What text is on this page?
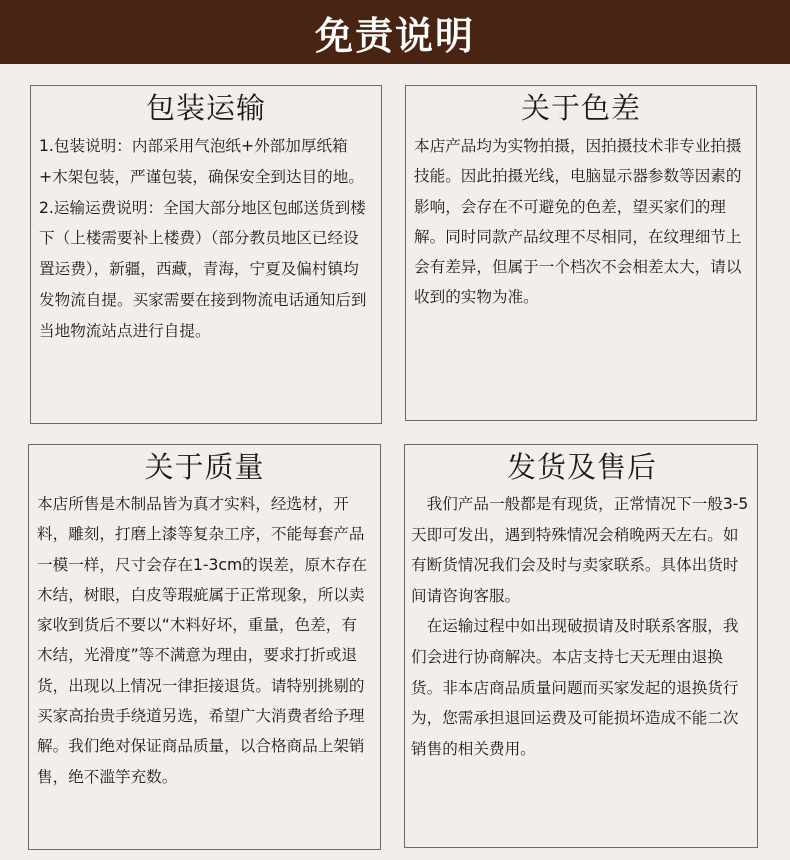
免责说明
包装运输

1.包装说明：内部采用气泡纸+外部加厚纸箱+木架包装，严谨包装，确保安全到达目的地。

2.运输运费说明：全国大部分地区包邮送货到楼下（上楼需要补上楼费）（部分教员地区已经设置运费），新疆，西藏，青海，宁夏及偏村镇均发物流自提。买家需要在接到物流电话通知后到当地物流站点进行自提。

关于色差

本店产品均为实物拍摄，因拍摄技术非专业拍摄技能。因此拍摄光线，电脑显示器参数等因素的影响，会存在不可避免的色差，望买家们的理解。同时同款产品纹理不尽相同，在纹理细节上会有差异，但属于一个档次不会相差太大，请以收到的实物为准。

关于质量

本店所售是木制品皆为真才实料，经选材，开料，雕刻，打磨上漆等复杂工序，不能每套产品一模一样，尺寸会存在1-3cm的误差，原木存在木结，树眼，白皮等瑕疵属于正常现象，所以卖家收到货后不要以“木料好坏，重量，色差，有木结，光滑度”等不满意为理由，要求打折或退货，出现以上情况一律拒接退货。请特别挑剔的买家高抬贵手绕道另选，希望广大消费者给予理解。我们绝对保证商品质量，以合格商品上架销售，绝不滥竽充数。

发货及售后

我们产品一般都是有现货，正常情况下一般3-5天即可发出，遇到特殊情况会稍晚两天左右。如有断货情况我们会及时与卖家联系。具体出货时间请咨询客服。

在运输过程中如出现破损请及时联系客服，我们会进行协商解决。本店支持七天无理由退换货。非本店商品质量问题而买家发起的退换货行为，您需承担退回运费及可能损坏造成不能二次销售的相关费用。
